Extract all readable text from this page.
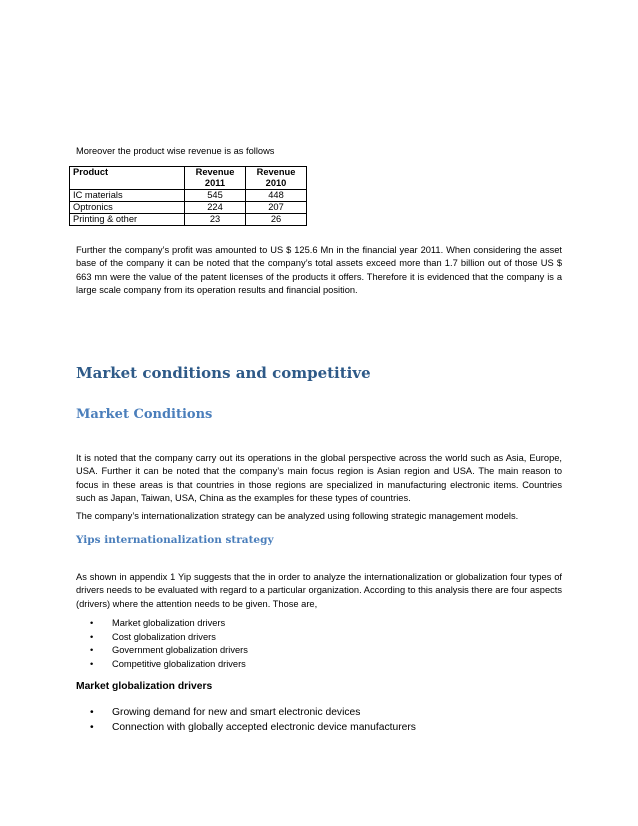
Moreover the product wise revenue is as follows

Product	Revenue 2011	Revenue 2010
IC materials	545	448
Optronics	224	207
Printing & other	23	26

Further the company’s profit was amounted to US $ 125.6 Mn in the financial year 2011. When considering the asset base of the company it can be noted that the company’s total assets exceed more than 1.7 billion out of those US $ 663 mn were the value of the patent licenses of the products it offers. Therefore it is evidenced that the company is a large scale company from its operation results and financial position.

Market conditions and competitive
Market Conditions

It is noted that the company carry out its operations in the global perspective across the world such as Asia, Europe, USA. Further it can be noted that the company’s main focus region is Asian region and USA. The main reason to focus in these areas is that countries in those regions are specialized in manufacturing electronic items. Countries such as Japan, Taiwan, USA, China as the examples for these types of countries.

The company’s internationalization strategy can be analyzed using following strategic management models.

Yips internationalization strategy

As shown in appendix 1 Yip suggests that the in order to analyze the internationalization or globalization four types of drivers needs to be evaluated with regard to a particular organization. According to this analysis there are four aspects (drivers) where the attention needs to be given. Those are,

• Market globalization drivers
• Cost globalization drivers
• Government globalization drivers
• Competitive globalization drivers

Market globalization drivers

• Growing demand for new and smart electronic devices
• Connection with globally accepted electronic device manufacturers
